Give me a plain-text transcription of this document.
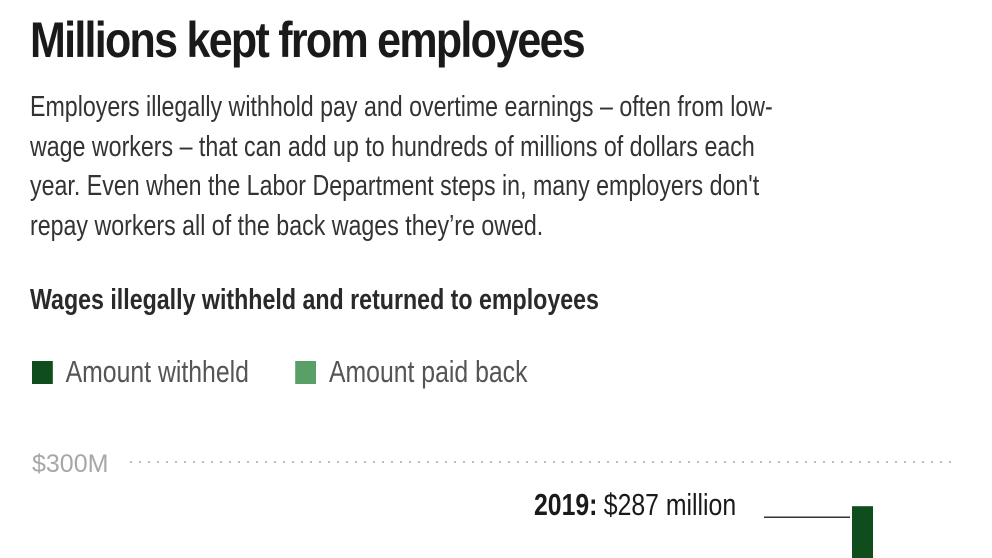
Millions kept from employees
Employers illegally withhold pay and overtime earnings – often from low-wage workers – that can add up to hundreds of millions of dollars each year. Even when the Labor Department steps in, many employers don't repay workers all of the back wages they’re owed.
Wages illegally withheld and returned to employees
Amount withheld	Amount paid back
$300M
2019: $287 million
